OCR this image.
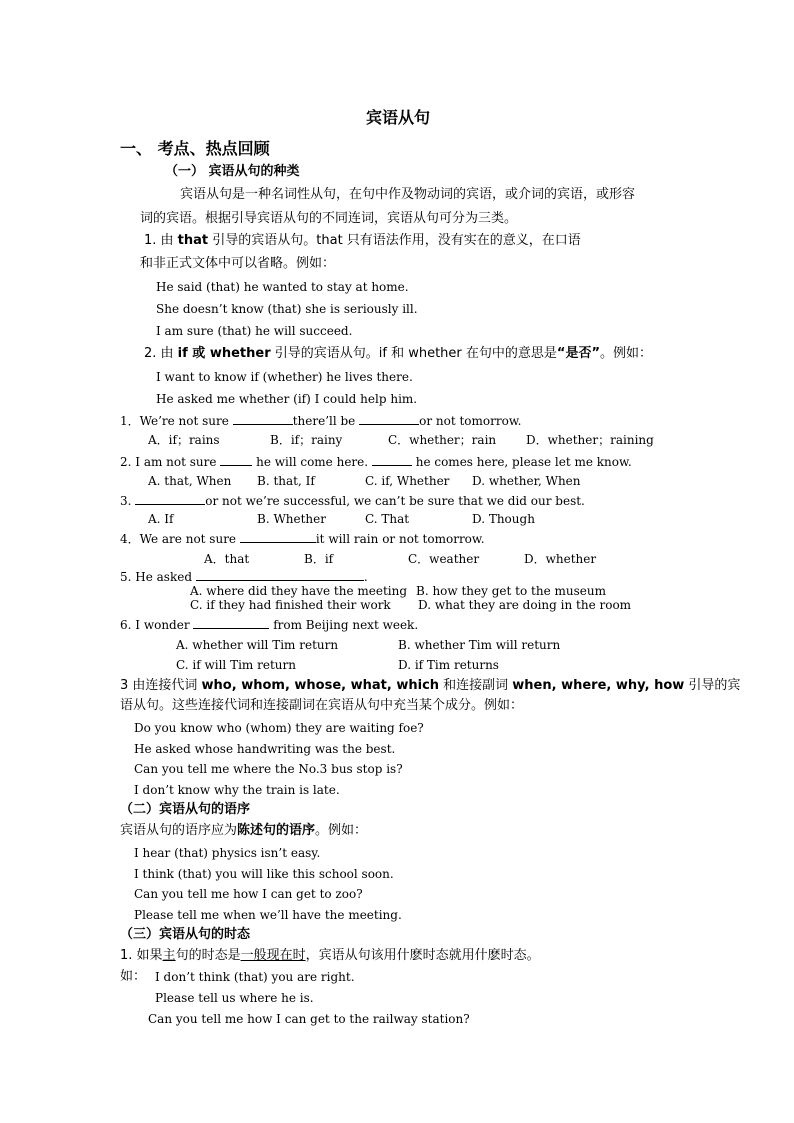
宾语从句
一、 考点、热点回顾
（一） 宾语从句的种类
宾语从句是一种名词性从句，在句中作及物动词的宾语，或介词的宾语，或形容
词的宾语。根据引导宾语从句的不同连词，宾语从句可分为三类。
1. 由 that 引导的宾语从句。that 只有语法作用，没有实在的意义，在口语
和非正式文体中可以省略。例如：
He said (that) he wanted to stay at home.
She doesn’t know (that) she is seriously ill.
I am sure (that) he will succeed.
2. 由 if 或 whether 引导的宾语从句。if 和 whether 在句中的意思是“是否”。例如：
I want to know if (whether) he lives there.
He asked me whether (if) I could help him.
1．We’re not sure	there’ll be	or not tomorrow.
A．if；rains	B．if；rainy	C．whether；rain D．whether；raining
2. I am not sure	he will come here.	he comes here, please let me know.
A. that, When B. that, If	C. if, Whether D. whether, When
3.	or not we’re successful, we can’t be sure that we did our best.
A. If	B. Whether	C. That	D. Though
4．We are not sure	it will rain or not tomorrow.
A．that	B．if	C．weather	D．whether
5. He asked	.
A. where did they have the meeting B. how they get to the museum
C. if they had finished their work D. what they are doing in the room
6. I wonder	from Beijing next week.
A. whether will Tim return	B. whether Tim will return
C. if will Tim return	D. if Tim returns
3 由连接代词 who, whom, whose, what, which 和连接副词 when, where, why, how 引导的宾
语从句。这些连接代词和连接副词在宾语从句中充当某个成分。例如：
Do you know who (whom) they are waiting foe?
He asked whose handwriting was the best.
Can you tell me where the No.3 bus stop is?
I don’t know why the train is late.
（二）宾语从句的语序
宾语从句的语序应为陈述句的语序。例如：
I hear (that) physics isn’t easy.
I think (that) you will like this school soon.
Can you tell me how I can get to zoo?
Please tell me when we’ll have the meeting.
（三）宾语从句的时态
1. 如果主句的时态是一般现在时，宾语从句该用什麽时态就用什麽时态。
如： I don’t think (that) you are right.
Please tell us where he is.
Can you tell me how I can get to the railway station?
